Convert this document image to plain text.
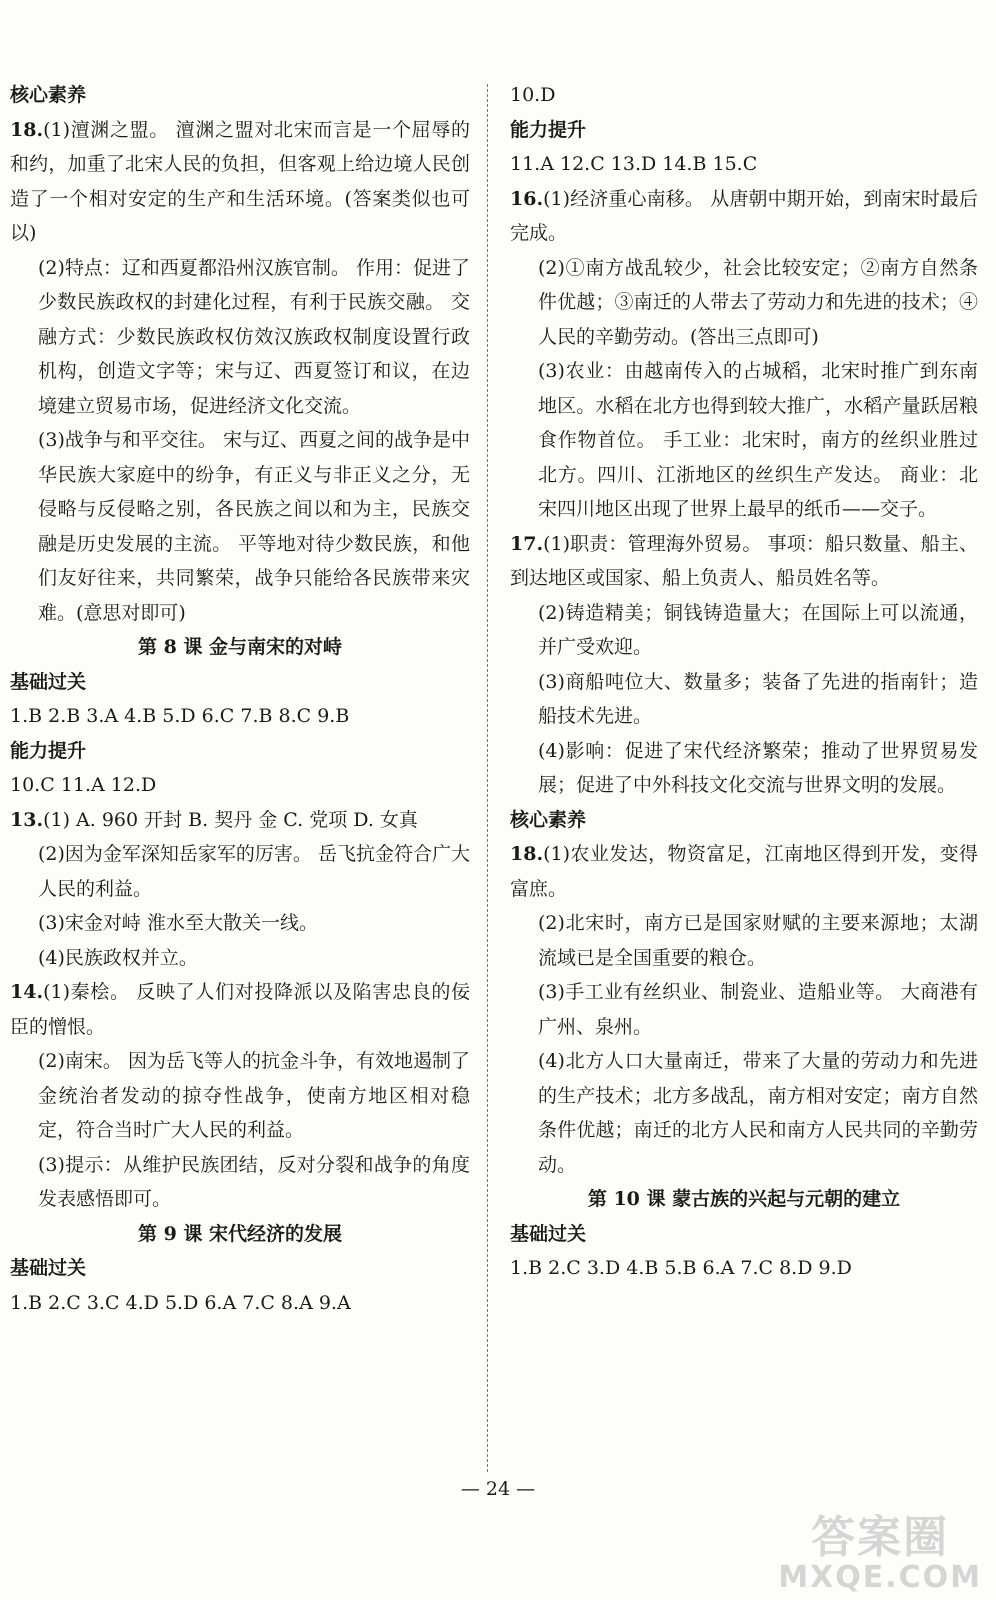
核心素养
18.(1)澶渊之盟。 澶渊之盟对北宋而言是一个屈辱的和约，加重了北宋人民的负担，但客观上给边境人民创造了一个相对安定的生产和生活环境。(答案类似也可以)
(2)特点：辽和西夏都沿州汉族官制。 作用：促进了少数民族政权的封建化过程，有利于民族交融。 交融方式：少数民族政权仿效汉族政权制度设置行政机构，创造文字等；宋与辽、西夏签订和议，在边境建立贸易市场，促进经济文化交流。
(3)战争与和平交往。 宋与辽、西夏之间的战争是中华民族大家庭中的纷争，有正义与非正义之分，无侵略与反侵略之别，各民族之间以和为主，民族交融是历史发展的主流。 平等地对待少数民族，和他们友好往来，共同繁荣，战争只能给各民族带来灾难。(意思对即可)
第 8 课 金与南宋的对峙
基础过关
1.B 2.B 3.A 4.B 5.D 6.C 7.B 8.C 9.B
能力提升
10.C 11.A 12.D
13.(1) A. 960 开封 B. 契丹 金 C. 党项 D. 女真
(2)因为金军深知岳家军的厉害。 岳飞抗金符合广大人民的利益。
(3)宋金对峙 淮水至大散关一线。
(4)民族政权并立。
14.(1)秦桧。 反映了人们对投降派以及陷害忠良的佞臣的憎恨。
(2)南宋。 因为岳飞等人的抗金斗争，有效地遏制了金统治者发动的掠夺性战争，使南方地区相对稳定，符合当时广大人民的利益。
(3)提示：从维护民族团结，反对分裂和战争的角度发表感悟即可。
第 9 课 宋代经济的发展
基础过关
1.B 2.C 3.C 4.D 5.D 6.A 7.C 8.A 9.A
10.D
能力提升
11.A 12.C 13.D 14.B 15.C
16.(1)经济重心南移。 从唐朝中期开始，到南宋时最后完成。
(2)①南方战乱较少，社会比较安定；②南方自然条件优越；③南迁的人带去了劳动力和先进的技术；④人民的辛勤劳动。(答出三点即可)
(3)农业：由越南传入的占城稻，北宋时推广到东南地区。水稻在北方也得到较大推广，水稻产量跃居粮食作物首位。 手工业：北宋时，南方的丝织业胜过北方。四川、江浙地区的丝织生产发达。 商业：北宋四川地区出现了世界上最早的纸币——交子。
17.(1)职责：管理海外贸易。 事项：船只数量、船主、到达地区或国家、船上负责人、船员姓名等。
(2)铸造精美；铜钱铸造量大；在国际上可以流通，并广受欢迎。
(3)商船吨位大、数量多；装备了先进的指南针；造船技术先进。
(4)影响：促进了宋代经济繁荣；推动了世界贸易发展；促进了中外科技文化交流与世界文明的发展。
核心素养
18.(1)农业发达，物资富足，江南地区得到开发，变得富庶。
(2)北宋时，南方已是国家财赋的主要来源地；太湖流域已是全国重要的粮仓。
(3)手工业有丝织业、制瓷业、造船业等。 大商港有广州、泉州。
(4)北方人口大量南迁，带来了大量的劳动力和先进的生产技术；北方多战乱，南方相对安定；南方自然条件优越；南迁的北方人民和南方人民共同的辛勤劳动。
第 10 课 蒙古族的兴起与元朝的建立
基础过关
1.B 2.C 3.D 4.B 5.B 6.A 7.C 8.D 9.D
— 24 —
答案圈
MXQE.COM
